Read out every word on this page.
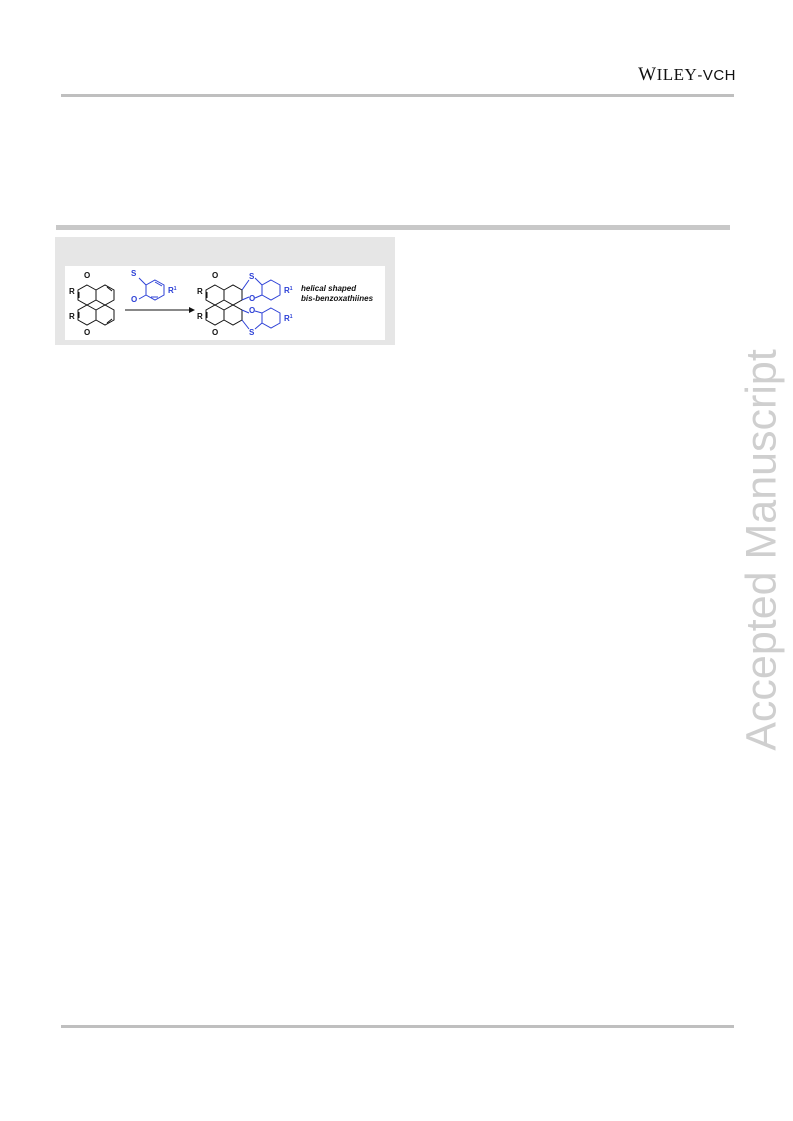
WILEY-VCH
R
R
O
O
S
O
$R^1$	R
R
O
O
S
O
O
S
$R^1$
$R^1$
helical shaped
bis-benzoxathiines
Accepted Manuscript
